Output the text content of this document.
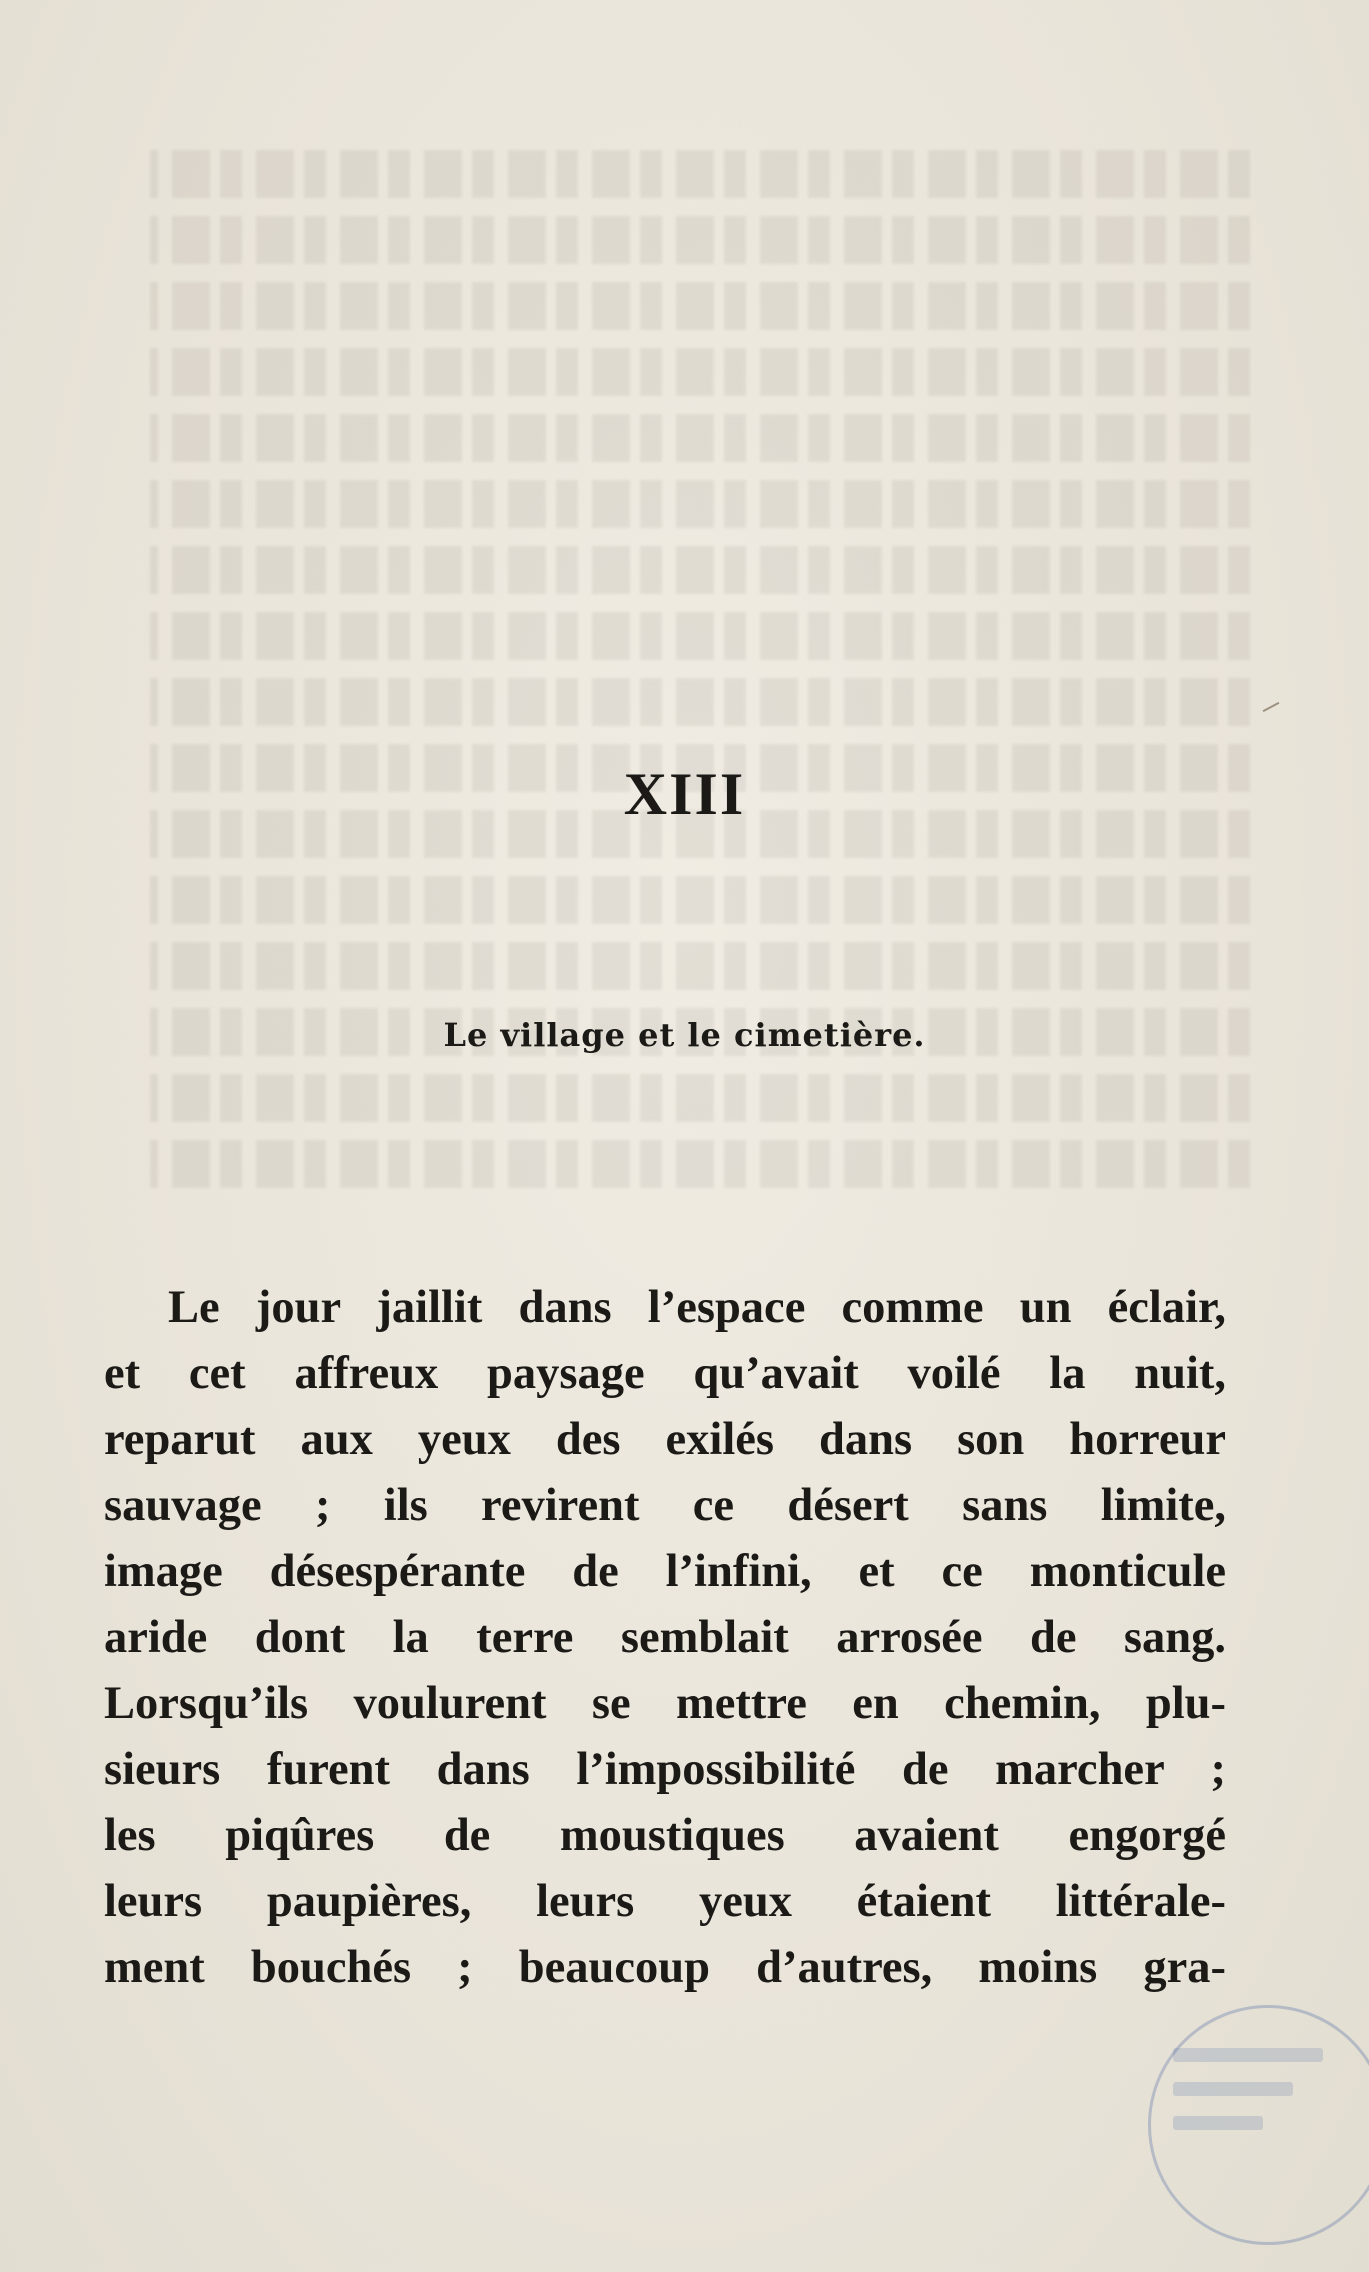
XIII
Le village et le cimetière.
Le jour jaillit dans l’espace comme un éclair,
et cet affreux paysage qu’avait voilé la nuit,
reparut aux yeux des exilés dans son horreur
sauvage ; ils revirent ce désert sans limite,
image désespérante de l’infini, et ce monticule
aride dont la terre semblait arrosée de sang.
Lorsqu’ils voulurent se mettre en chemin, plu-
sieurs furent dans l’impossibilité de marcher ;
les piqûres de moustiques avaient engorgé
leurs paupières, leurs yeux étaient littérale-
ment bouchés ; beaucoup d’autres, moins gra-
